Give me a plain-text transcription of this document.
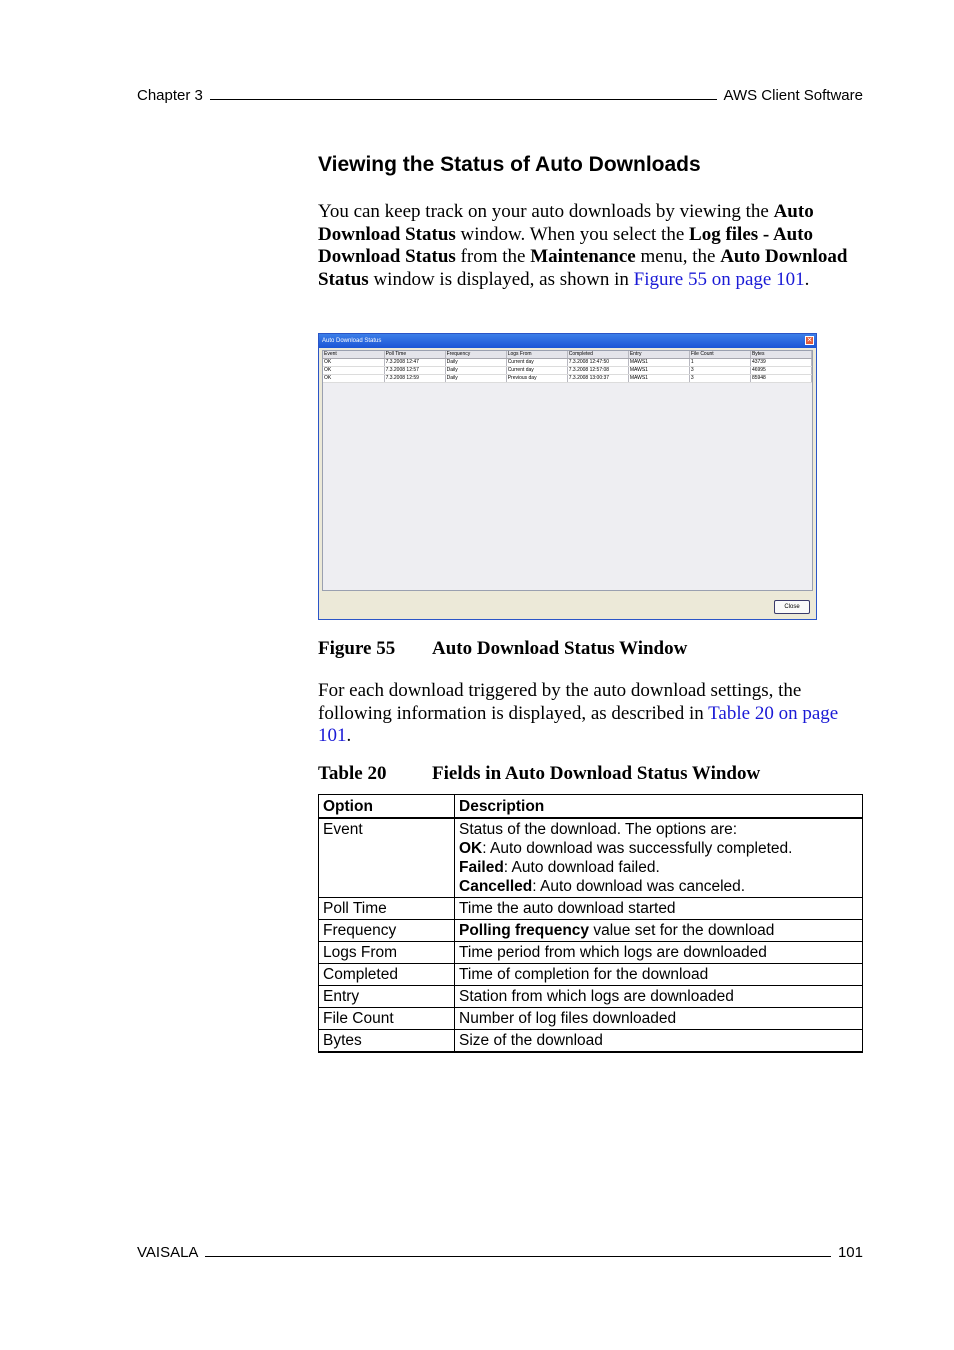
Chapter 3	AWS Client Software
Viewing the Status of Auto Downloads

You can keep track on your auto downloads by viewing the Auto Download Status window. When you select the Log files - Auto Download Status from the Maintenance menu, the Auto Download Status window is displayed, as shown in Figure 55 on page 101.

Auto Download Status	✕
Event	Poll Time	Frequency	Logs From	Completed	Entry	File Count	Bytes
OK	7.3.2008 12:47	Daily	Current day	7.3.2008 12:47:50	MAWS1	1	43739
OK	7.3.2008 12:57	Daily	Current day	7.3.2008 12:57:08	MAWS1	3	46995
OK	7.3.2008 12:59	Daily	Previous day	7.3.2008 13:00:37	MAWS1	3	85948
Close
Figure 55 Auto Download Status Window

For each download triggered by the auto download settings, the following information is displayed, as described in Table 20 on page 101.

Table 20 Fields in Auto Download Status Window
Option	Description
Event	Status of the download. The options are:
OK: Auto download was successfully completed.
Failed: Auto download failed.
Cancelled: Auto download was canceled.

Poll Time	Time the auto download started
Frequency	Polling frequency value set for the download
Logs From	Time period from which logs are downloaded
Completed	Time of completion for the download
Entry	Station from which logs are downloaded
File Count	Number of log files downloaded
Bytes	Size of the download
VAISALA	101
